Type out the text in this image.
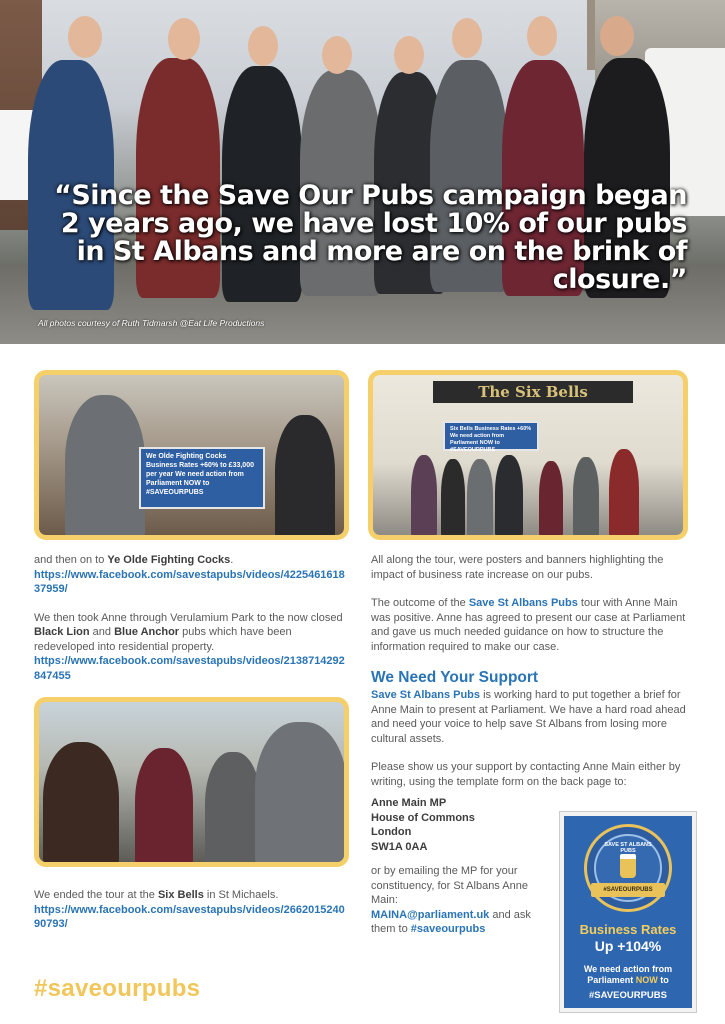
“Since the Save Our Pubs campaign began 2 years ago, we have lost 10% of our pubs in St Albans and more are on the brink of closure.”
All photos courtesy of Ruth Tidmarsh @Eat Life Productions
We Olde Fighting Cocks Business Rates +60% to £33,000 per year We need action from Parliament NOW to #SAVEOURPUBS
The Six Bells
Six Bells Business Rates +60% We need action from Parliament NOW to #SAVEOURPUBS

and then on to Ye Olde Fighting Cocks.
https://www.facebook.com/savestapubs/videos/422546161837959/

We then took Anne through Verulamium Park to the now closed Black Lion and Blue Anchor pubs which have been redeveloped into residential property.
https://www.facebook.com/savestapubs/videos/2138714292847455

We ended the tour at the Six Bells in St Michaels.
https://www.facebook.com/savestapubs/videos/266201524090793/

All along the tour, were posters and banners highlighting the impact of business rate increase on our pubs.

The outcome of the Save St Albans Pubs tour with Anne Main was positive. Anne has agreed to present our case at Parliament and gave us much needed guidance on how to structure the information required to make our case.

We Need Your Support

Save St Albans Pubs is working hard to put together a brief for Anne Main to present at Parliament. We have a hard road ahead and need your voice to help save St Albans from losing more cultural assets.

Please show us your support by contacting Anne Main either by writing, using the template form on the back page to:

Anne Main MP
House of Commons
London
SW1A 0AA

or by emailing the MP for your constituency, for St Albans Anne Main:
MAINA@parliament.uk and ask them to #saveourpubs

SAVE ST ALBANS PUBS
#SAVEOURPUBS
Business Rates
Up +104%
We need action from Parliament NOW to
#SAVEOURPUBS
#saveourpubs
